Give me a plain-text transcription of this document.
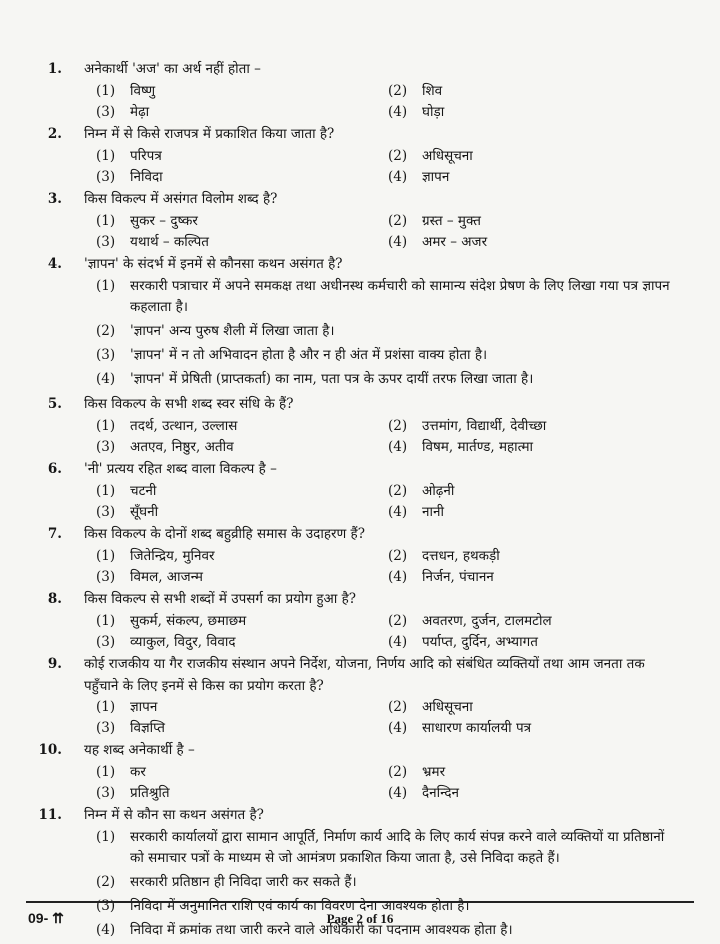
1. अनेकार्थी 'अज' का अर्थ नहीं होता –
(1)	विष्णु	(2)	शिव
(3)	मेढ़ा	(4)	घोड़ा
2. निम्न में से किसे राजपत्र में प्रकाशित किया जाता है?
(1)	परिपत्र	(2)	अधिसूचना
(3)	निविदा	(4)	ज्ञापन
3. किस विकल्प में असंगत विलोम शब्द है?
(1)	सुकर – दुष्कर	(2)	ग्रस्त – मुक्त
(3)	यथार्थ – कल्पित	(4)	अमर – अजर
4. 'ज्ञापन' के संदर्भ में इनमें से कौनसा कथन असंगत है?
(1)	सरकारी पत्राचार में अपने समकक्ष तथा अधीनस्थ कर्मचारी को सामान्य संदेश प्रेषण के लिए लिखा गया पत्र ज्ञापन कहलाता है।
(2)	'ज्ञापन' अन्य पुरुष शैली में लिखा जाता है।
(3)	'ज्ञापन' में न तो अभिवादन होता है और न ही अंत में प्रशंसा वाक्य होता है।
(4)	'ज्ञापन' में प्रेषिती (प्राप्तकर्ता) का नाम, पता पत्र के ऊपर दायीं तरफ लिखा जाता है।
5. किस विकल्प के सभी शब्द स्वर संधि के हैं?
(1)	तदर्थ, उत्थान, उल्लास	(2)	उत्तमांग, विद्यार्थी, देवीच्छा
(3)	अतएव, निष्ठुर, अतीव	(4)	विषम, मार्तण्ड, महात्मा
6. 'नी' प्रत्यय रहित शब्द वाला विकल्प है –
(1)	चटनी	(2)	ओढ़नी
(3)	सूँघनी	(4)	नानी
7. किस विकल्प के दोनों शब्द बहुव्रीहि समास के उदाहरण हैं?
(1)	जितेन्द्रिय, मुनिवर	(2)	दत्तधन, हथकड़ी
(3)	विमल, आजन्म	(4)	निर्जन, पंचानन
8. किस विकल्प से सभी शब्दों में उपसर्ग का प्रयोग हुआ है?
(1)	सुकर्म, संकल्प, छमाछम	(2)	अवतरण, दुर्जन, टालमटोल
(3)	व्याकुल, विदुर, विवाद	(4)	पर्याप्त, दुर्दिन, अभ्यागत
9. कोई राजकीय या गैर राजकीय संस्थान अपने निर्देश, योजना, निर्णय आदि को संबंधित व्यक्तियों तथा आम जनता तक पहुँचाने के लिए इनमें से किस का प्रयोग करता है?
(1)	ज्ञापन	(2)	अधिसूचना
(3)	विज्ञप्ति	(4)	साधारण कार्यालयी पत्र
10. यह शब्द अनेकार्थी है –
(1)	कर	(2)	भ्रमर
(3)	प्रतिश्रुति	(4)	दैनन्दिन
11. निम्न में से कौन सा कथन असंगत है?
(1)	सरकारी कार्यालयों द्वारा सामान आपूर्ति, निर्माण कार्य आदि के लिए कार्य संपन्न करने वाले व्यक्तियों या प्रतिष्ठानों को समाचार पत्रों के माध्यम से जो आमंत्रण प्रकाशित किया जाता है, उसे निविदा कहते हैं।
(2)	सरकारी प्रतिष्ठान ही निविदा जारी कर सकते हैं।
(3)	निविदा में अनुमानित राशि एवं कार्य का विवरण देना आवश्यक होता है।
(4)	निविदा में क्रमांक तथा जारी करने वाले अधिकारी का पदनाम आवश्यक होता है।
09- ⇈	Page 2 of 16
